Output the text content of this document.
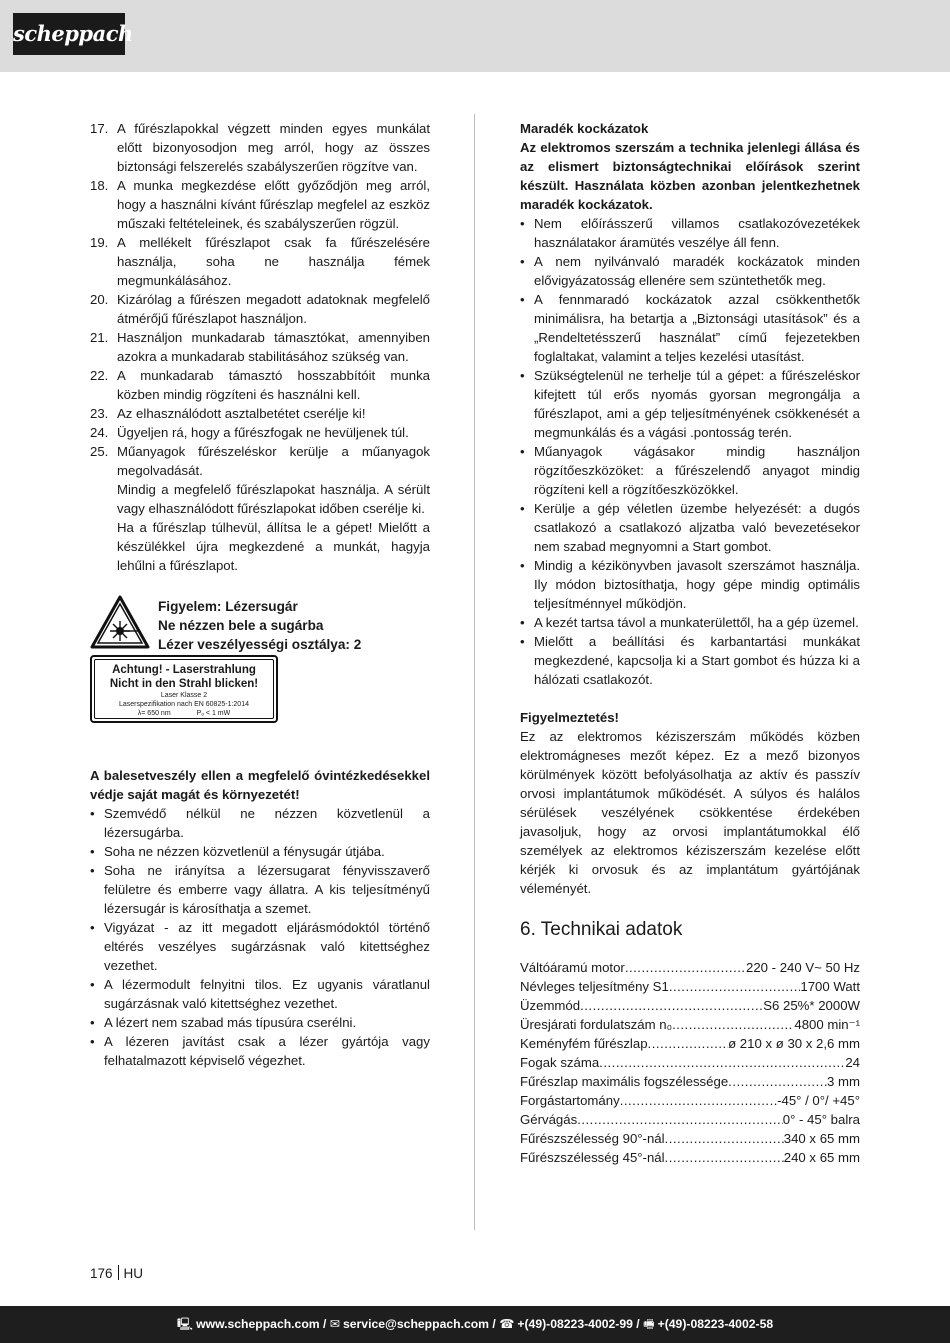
scheppach
17. A fűrészlapokkal végzett minden egyes munkálat előtt bizonyosodjon meg arról, hogy az összes biztonsági felszerelés szabályszerűen rögzítve van.
18. A munka megkezdése előtt győződjön meg arról, hogy a használni kívánt fűrészlap megfelel az eszköz műszaki feltételeinek, és szabályszerűen rögzül.
19. A mellékelt fűrészlapot csak fa fűrészelésére használja, soha ne használja fémek megmunkálásához.
20. Kizárólag a fűrészen megadott adatoknak megfelelő átmérőjű fűrészlapot használjon.
21. Használjon munkadarab támasztókat, amennyiben azokra a munkadarab stabilitásához szükség van.
22. A munkadarab támasztó hosszabbítóit munka közben mindig rögzíteni és használni kell.
23. Az elhasználódott asztalbetétet cserélje ki!
24. Ügyeljen rá, hogy a fűrészfogak ne hevüljenek túl.
25. Műanyagok fűrészeléskor kerülje a műanyagok megolvadását.
Mindig a megfelelő fűrészlapokat használja. A sérült vagy elhasználódott fűrészlapokat időben cserélje ki.
Ha a fűrészlap túlhevül, állítsa le a gépet! Mielőtt a készülékkel újra megkezdené a munkát, hagyja lehűlni a fűrészlapot.
Figyelem: Lézersugár
Ne nézzen bele a sugárba
Lézer veszélyességi osztálya: 2
Achtung! - Laserstrahlung
Nicht in den Strahl blicken!
Laser Klasse 2
Laserspezifikation nach EN 60825-1:2014
λ= 650 nm	Pₒ < 1 mW
A balesetveszély ellen a megfelelő óvintézkedésekkel védje saját magát és környezetét!
• Szemvédő nélkül ne nézzen közvetlenül a lézersugárba.
• Soha ne nézzen közvetlenül a fénysugár útjába.
• Soha ne irányítsa a lézersugarat fényvisszaverő felületre és emberre vagy állatra. A kis teljesítményű lézersugár is károsíthatja a szemet.
• Vigyázat - az itt megadott eljárásmódoktól történő eltérés veszélyes sugárzásnak való kitettséghez vezethet.
• A lézermodult felnyitni tilos. Ez ugyanis váratlanul sugárzásnak való kitettséghez vezethet.
• A lézert nem szabad más típusúra cserélni.
• A lézeren javítást csak a lézer gyártója vagy felhatalmazott képviselő végezhet.
Maradék kockázatok
Az elektromos szerszám a technika jelenlegi állása és az elismert biztonságtechnikai előírások szerint készült. Használata közben azonban jelentkezhetnek maradék kockázatok.
• Nem előírásszerű villamos csatlakozóvezetékek használatakor áramütés veszélye áll fenn.
• A nem nyilvánvaló maradék kockázatok minden elővigyázatosság ellenére sem szüntethetők meg.
• A fennmaradó kockázatok azzal csökkenthetők minimálisra, ha betartja a „Biztonsági utasítások” és a „Rendeltetésszerű használat” című fejezetekben foglaltakat, valamint a teljes kezelési utasítást.
• Szükségtelenül ne terhelje túl a gépet: a fűrészeléskor kifejtett túl erős nyomás gyorsan megrongálja a fűrészlapot, ami a gép teljesítményének csökkenését a megmunkálás és a vágási .pontosság terén.
• Műanyagok vágásakor mindig használjon rögzítőeszközöket: a fűrészelendő anyagot mindig rögzíteni kell a rögzítőeszközökkel.
• Kerülje a gép véletlen üzembe helyezését: a dugós csatlakozó a csatlakozó aljzatba való bevezetésekor nem szabad megnyomni a Start gombot.
• Mindig a kézikönyvben javasolt szerszámot használja. Ily módon biztosíthatja, hogy gépe mindig optimális teljesítménnyel működjön.
• A kezét tartsa távol a munkaterülettől, ha a gép üzemel.
• Mielőtt a beállítási és karbantartási munkákat megkezdené, kapcsolja ki a Start gombot és húzza ki a hálózati csatlakozót.
Figyelmeztetés!
Ez az elektromos kéziszerszám működés közben elektromágneses mezőt képez. Ez a mező bizonyos körülmények között befolyásolhatja az aktív és passzív orvosi implantátumok működését. A súlyos és halálos sérülések veszélyének csökkentése érdekében javasoljuk, hogy az orvosi implantátumokkal élő személyek az elektromos kéziszerszám kezelése előtt kérjék ki orvosuk és az implantátum gyártójának véleményét.
6. Technikai adatok
Váltóáramú motor .....	220 - 240 V~ 50 Hz
Névleges teljesítmény S1 .....	1700 Watt
Üzemmód .....	S6 25%* 2000W
Üresjárati fordulatszám n₀ .....	4800 min⁻¹
Keményfém fűrészlap .....	ø 210 x ø 30 x 2,6 mm
Fogak száma .....	24
Fűrészlap maximális fogszélessége .....	3 mm
Forgástartomány .....	-45° / 0°/ +45°
Gérvágás .....	0° - 45° balra
Fűrészszélesség 90°-nál .....	340 x 65 mm
Fűrészszélesség 45°-nál .....	240 x 65 mm
176 HU
🖳 www.scheppach.com / ✉ service@scheppach.com / ☎ +(49)-08223-4002-99 / 🖷 +(49)-08223-4002-58
